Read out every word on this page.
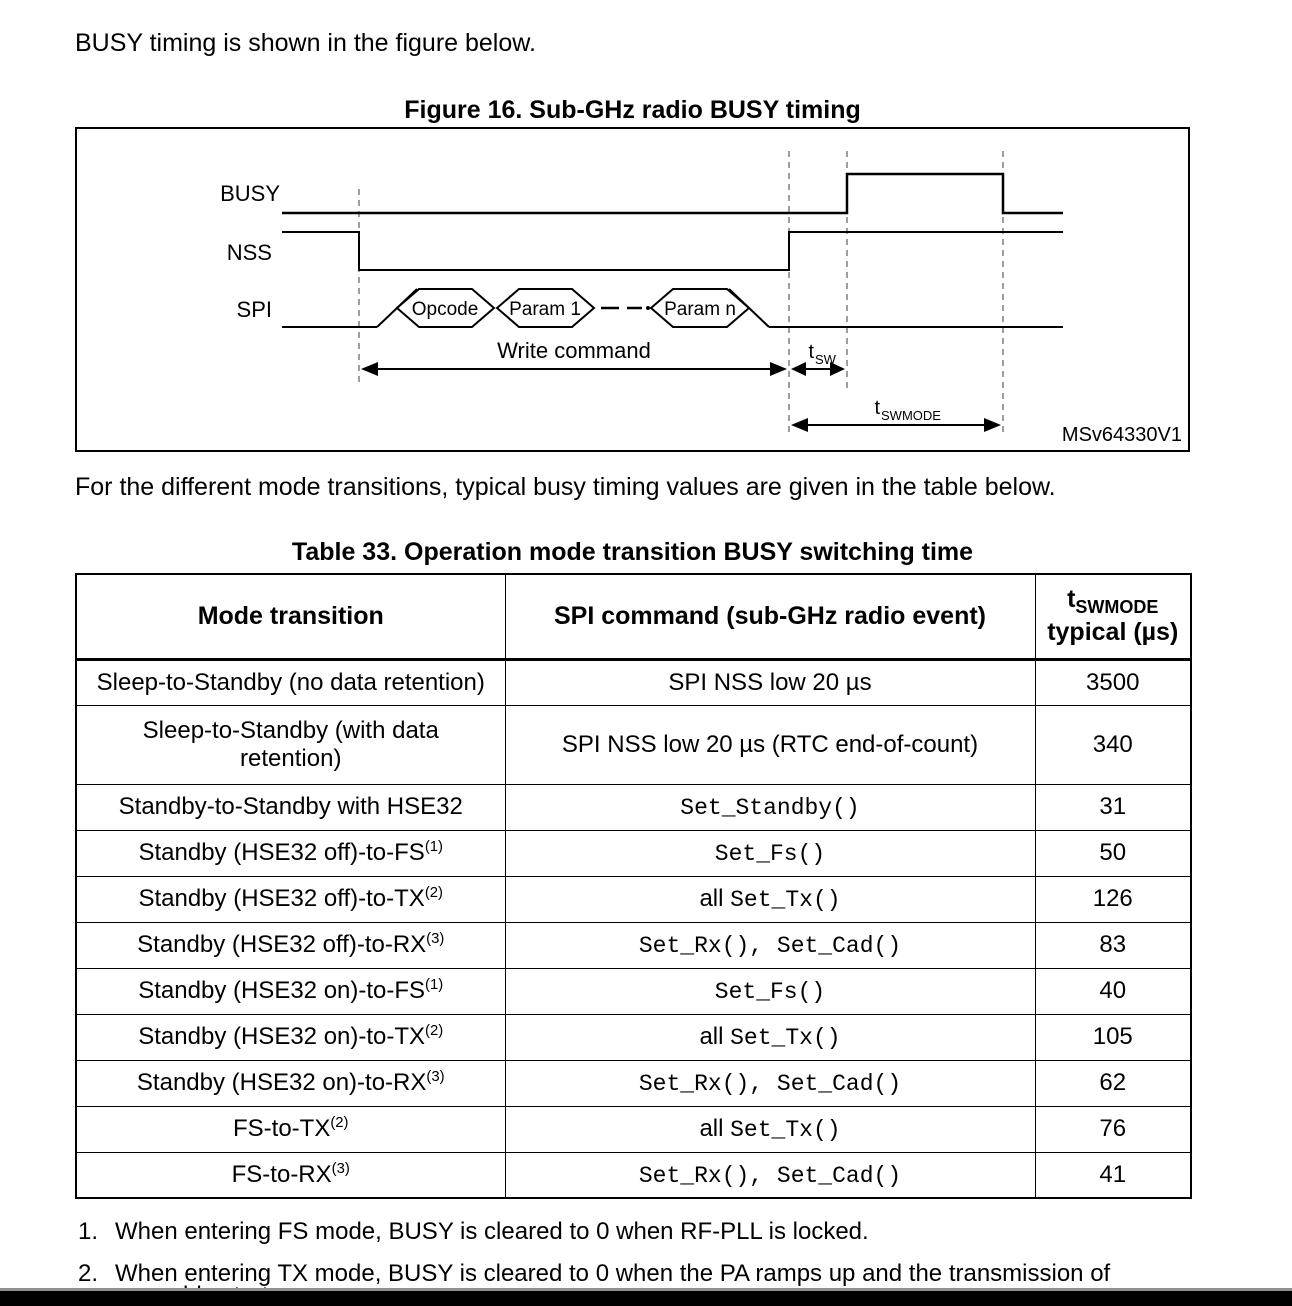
BUSY timing is shown in the figure below.

Figure 16. Sub-GHz radio BUSY timing
BUSY
NSS
SPI	Opcode Param 1	Param n
Write command	t SW
t SWMODE
MSv64330V1

For the different mode transitions, typical busy timing values are given in the table below.

Table 33. Operation mode transition BUSY switching time
Mode transition	SPI command (sub-GHz radio event)	$t_{SWMODE}$
typical (µs)
Sleep-to-Standby (no data retention)	SPI NSS low 20 µs	3500
Sleep-to-Standby (with data
retention)	SPI NSS low 20 µs (RTC end-of-count)	340
Standby-to-Standby with HSE32	Set_Standby()	31
Standby (HSE32 off)-to-FS$^{(1)}$	Set_Fs()	50
Standby (HSE32 off)-to-TX$^{(2)}$	all Set_Tx()	126
Standby (HSE32 off)-to-RX$^{(3)}$	Set_Rx(), Set_Cad()	83
Standby (HSE32 on)-to-FS$^{(1)}$	Set_Fs()	40
Standby (HSE32 on)-to-TX$^{(2)}$	all Set_Tx()	105
Standby (HSE32 on)-to-RX$^{(3)}$	Set_Rx(), Set_Cad()	62
FS-to-TX$^{(2)}$	all Set_Tx()	76
FS-to-RX$^{(3)}$	Set_Rx(), Set_Cad()	41
1. When entering FS mode, BUSY is cleared to 0 when RF-PLL is locked.
2. When entering TX mode, BUSY is cleared to 0 when the PA ramps up and the transmission of
